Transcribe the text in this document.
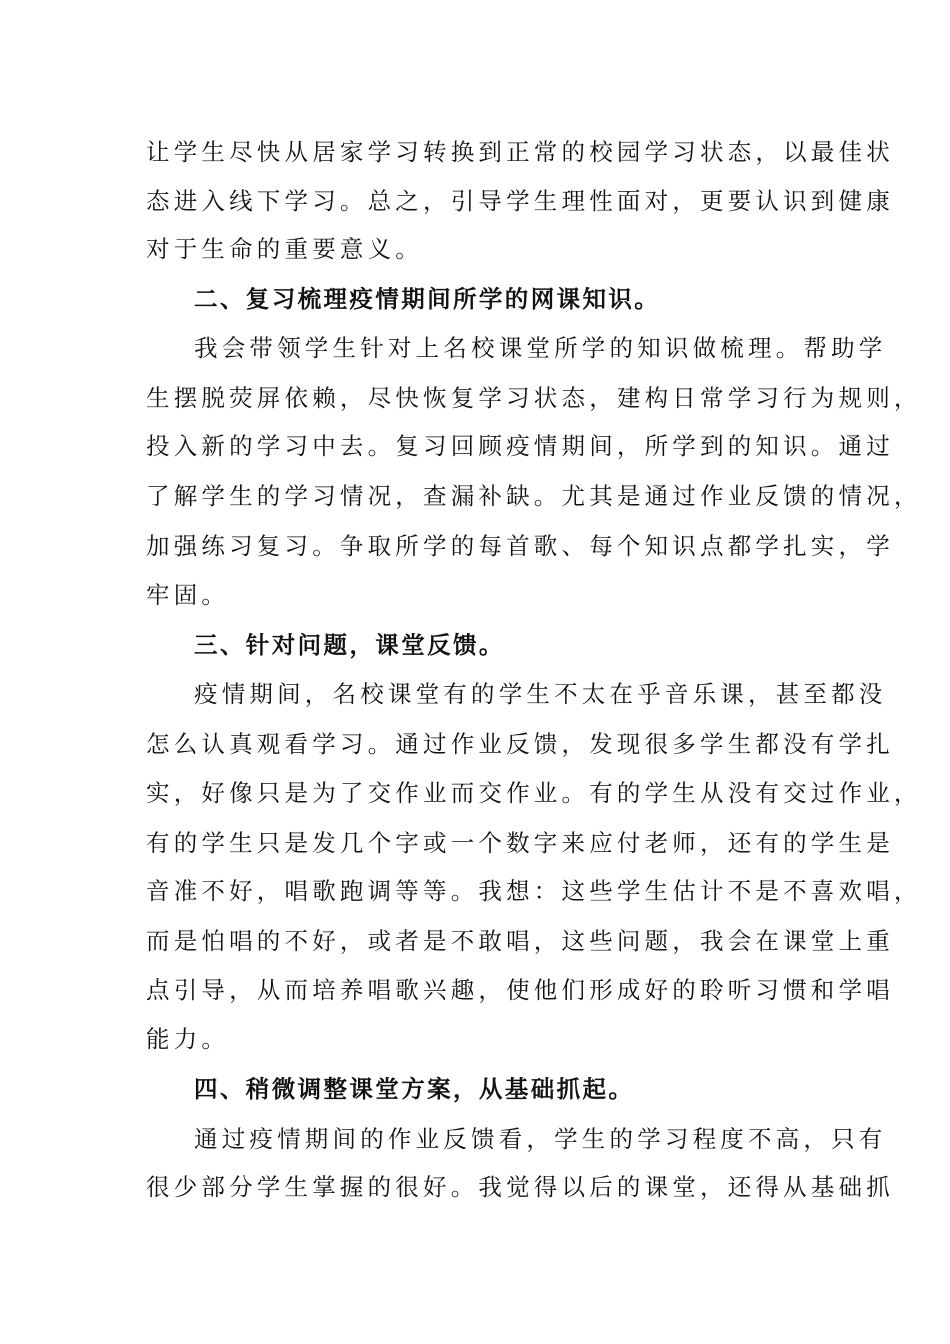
让学生尽快从居家学习转换到正常的校园学习状态，以最佳状
态进入线下学习。总之，引导学生理性面对，更要认识到健康
对于生命的重要意义。
二、复习梳理疫情期间所学的网课知识。
我会带领学生针对上名校课堂所学的知识做梳理。帮助学
生摆脱荧屏依赖，尽快恢复学习状态，建构日常学习行为规则，
投入新的学习中去。复习回顾疫情期间，所学到的知识。通过
了解学生的学习情况，查漏补缺。尤其是通过作业反馈的情况，
加强练习复习。争取所学的每首歌、每个知识点都学扎实，学
牢固。
三、针对问题，课堂反馈。
疫情期间，名校课堂有的学生不太在乎音乐课，甚至都没
怎么认真观看学习。通过作业反馈，发现很多学生都没有学扎
实，好像只是为了交作业而交作业。有的学生从没有交过作业，
有的学生只是发几个字或一个数字来应付老师，还有的学生是
音准不好，唱歌跑调等等。我想：这些学生估计不是不喜欢唱，
而是怕唱的不好，或者是不敢唱，这些问题，我会在课堂上重
点引导，从而培养唱歌兴趣，使他们形成好的聆听习惯和学唱
能力。
四、稍微调整课堂方案，从基础抓起。
通过疫情期间的作业反馈看，学生的学习程度不高，只有
很少部分学生掌握的很好。我觉得以后的课堂，还得从基础抓
